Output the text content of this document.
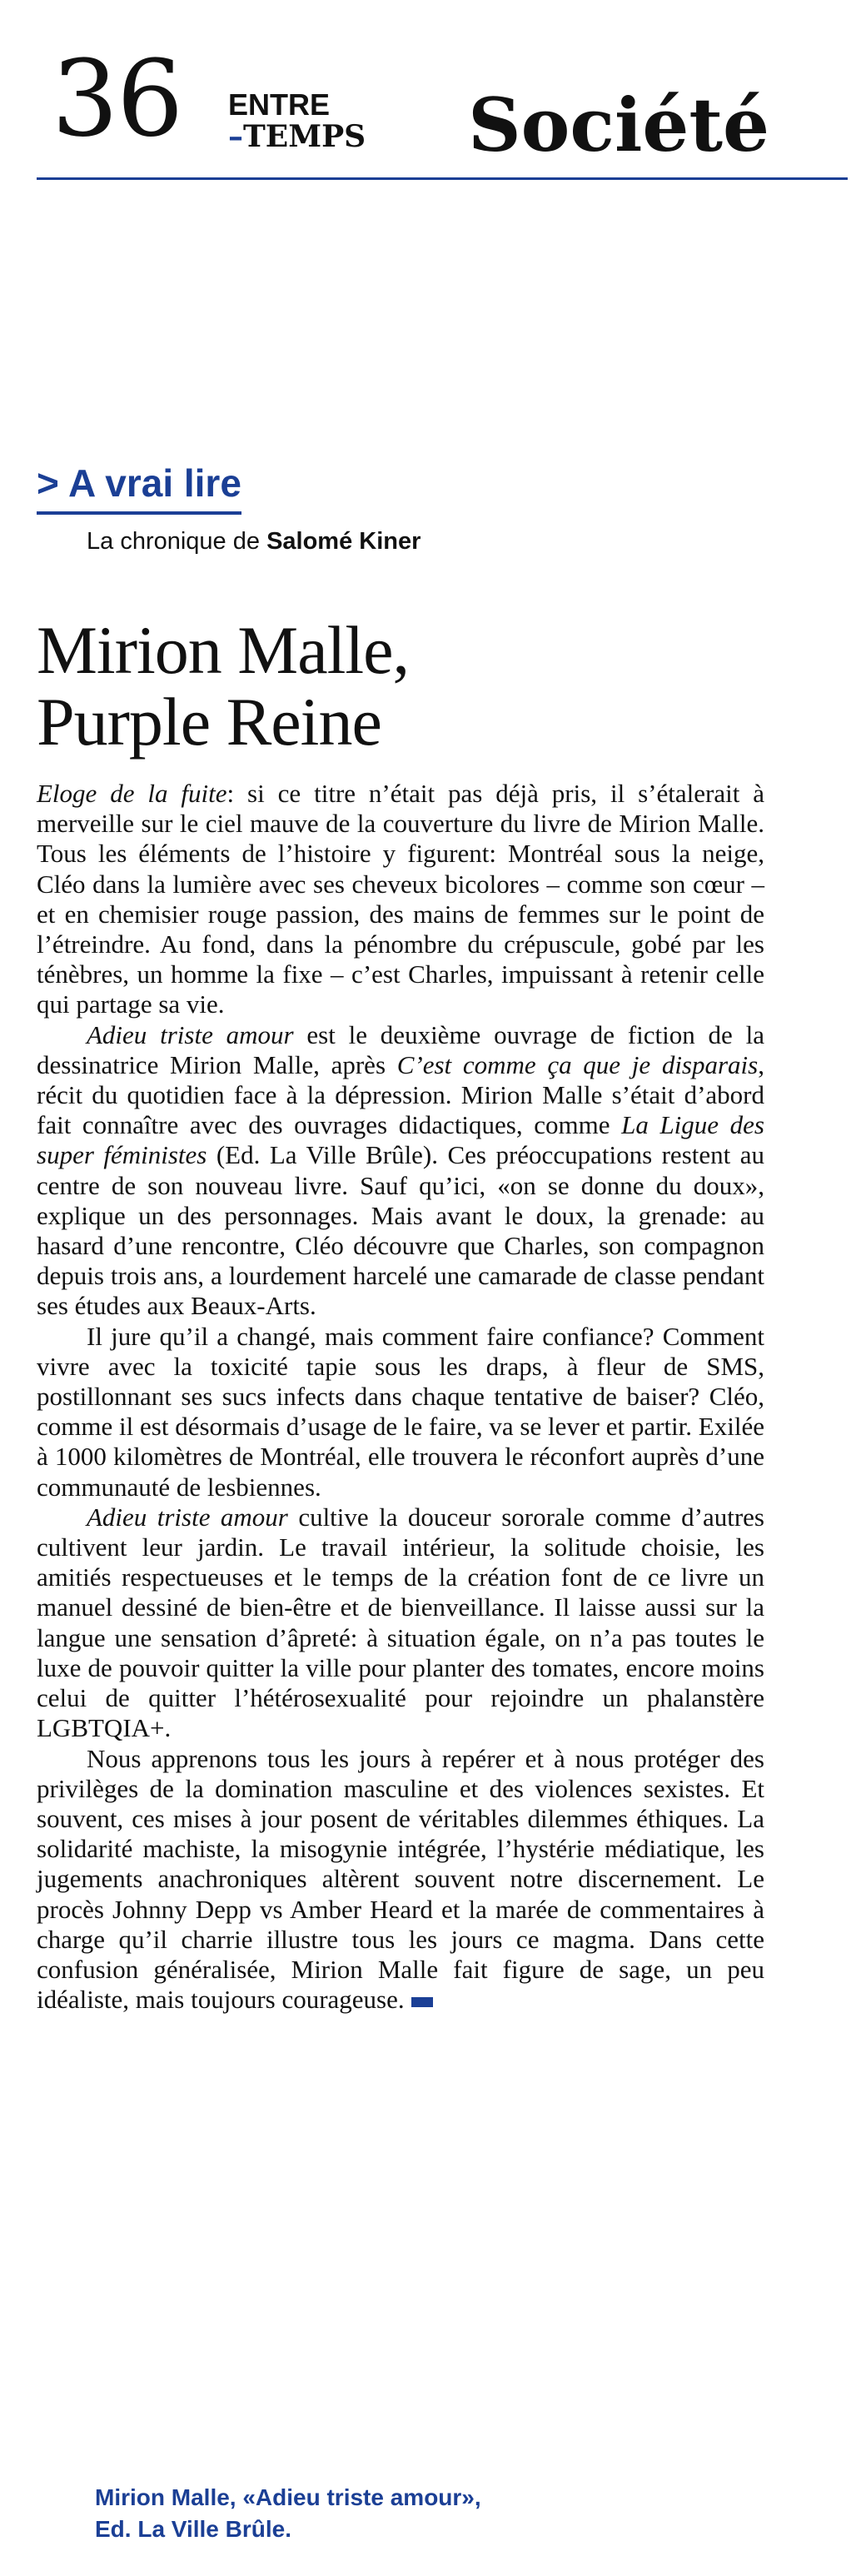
36 ENTRE
–TEMPS Société
> A vrai lire
La chronique de Salomé Kiner
Mirion Malle,
Purple Reine

Eloge de la fuite: si ce titre n’était pas déjà pris, il s’étalerait à merveille sur le ciel mauve de la couverture du livre de Mirion Malle. Tous les éléments de l’histoire y figurent: Montréal sous la neige, Cléo dans la lumière avec ses cheveux bicolores – comme son cœur – et en chemisier rouge passion, des mains de femmes sur le point de l’étreindre. Au fond, dans la pénombre du crépuscule, gobé par les ténèbres, un homme la fixe – c’est Charles, impuissant à retenir celle qui partage sa vie.

Adieu triste amour est le deuxième ouvrage de fiction de la dessinatrice Mirion Malle, après C’est comme ça que je disparais, récit du quotidien face à la dépression. Mirion Malle s’était d’abord fait connaître avec des ouvrages didactiques, comme La Ligue des super féministes (Ed. La Ville Brûle). Ces préoccupations restent au centre de son nouveau livre. Sauf qu’ici, «on se donne du doux», explique un des personnages. Mais avant le doux, la grenade: au hasard d’une rencontre, Cléo découvre que Charles, son compagnon depuis trois ans, a lourdement harcelé une camarade de classe pendant ses études aux Beaux-Arts.

Il jure qu’il a changé, mais comment faire confiance? Comment vivre avec la toxicité tapie sous les draps, à fleur de SMS, postillonnant ses sucs infects dans chaque tentative de baiser? Cléo, comme il est désormais d’usage de le faire, va se lever et partir. Exilée à 1000 kilomètres de Montréal, elle trouvera le réconfort auprès d’une communauté de lesbiennes.

Adieu triste amour cultive la douceur sororale comme d’autres cultivent leur jardin. Le travail intérieur, la solitude choisie, les amitiés respectueuses et le temps de la création font de ce livre un manuel dessiné de bien-être et de bienveillance. Il laisse aussi sur la langue une sensation d’âpreté: à situation égale, on n’a pas toutes le luxe de pouvoir quitter la ville pour planter des tomates, encore moins celui de quitter l’hétérosexualité pour rejoindre un phalanstère LGBTQIA+.

Nous apprenons tous les jours à repérer et à nous protéger des privilèges de la domination masculine et des violences sexistes. Et souvent, ces mises à jour posent de véritables dilemmes éthiques. La solidarité machiste, la misogynie intégrée, l’hystérie médiatique, les jugements anachroniques altèrent souvent notre discernement. Le procès Johnny Depp vs Amber Heard et la marée de commentaires à charge qu’il charrie illustre tous les jours ce magma. Dans cette confusion généralisée, Mirion Malle fait figure de sage, un peu idéaliste, mais toujours courageuse.

Mirion Malle, «Adieu triste amour»,
Ed. La Ville Brûle.
